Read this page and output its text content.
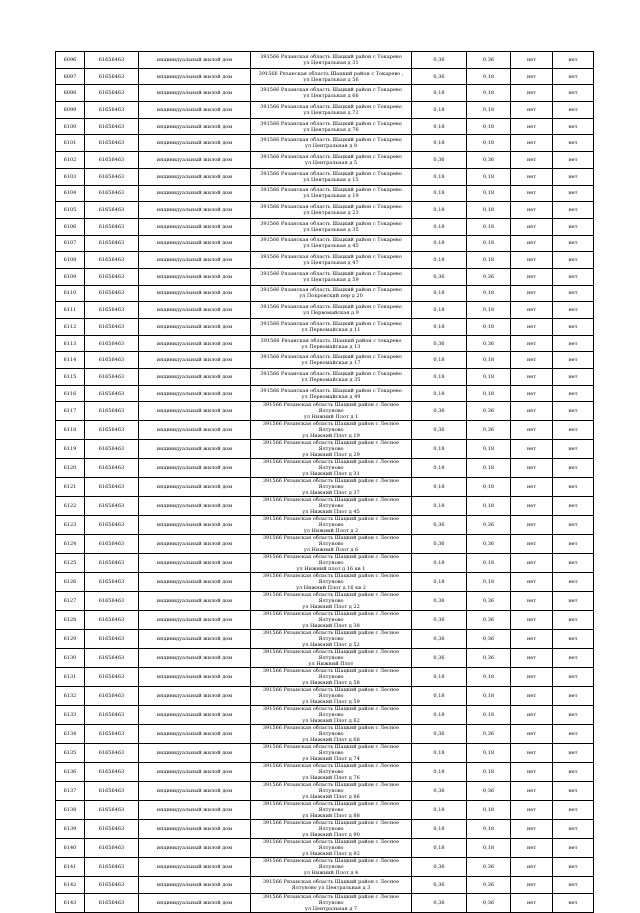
6096	61656463	индивидуальный жилой дом	391566 Рязанская область Шацкий район с Токарево
ул Центральная д 31	0,36	0,36	нет	нет
6097	61656463	индивидуальный жилой дом	391566 Рязанская область Шацкий район с Токарево ,
ул Центральная д 56	0,36	0,18	нет	нет
6098	61656463	индивидуальный жилой дом	391566 Рязанская область Шацкий район с Токарево
ул Центральная д 66	0,18	0,18	нет	нет
6099	61656463	индивидуальный жилой дом	391566 Рязанская область Шацкий район с Токарево
ул Центральная д 72	0,18	0,18	нет	нет
6100	61656463	индивидуальный жилой дом	391566 Рязанская область Шацкий район с Токарево
ул Центральная д 76	0,18	0,18	нет	нет
6101	61656463	индивидуальный жилой дом	391566 Рязанская область Шацкий район с Токарево
ул Центральная д 8	0,18	0,18	нет	нет
6102	61656463	индивидуальный жилой дом	391566 Рязанская область Шацкий район с Токарево
ул Центральная д 5	0,36	0,36	нет	нет
6103	61656463	индивидуальный жилой дом	391566 Рязанская область Шацкий район с Токарево
ул Центральная д 15	0,18	0,18	нет	нет
6104	61656463	индивидуальный жилой дом	391566 Рязанская область Шацкий район с Токарево
ул Центральная д 19	0,18	0,18	нет	нет
6105	61656463	индивидуальный жилой дом	391566 Рязанская область Шацкий район с Токарево
ул Центральная д 23	0,18	0,18	нет	нет
6106	61656463	индивидуальный жилой дом	391566 Рязанская область Шацкий район с Токарево
ул Центральная д 35	0,18	0,18	нет	нет
6107	61656463	индивидуальный жилой дом	391566 Рязанская область Шацкий район с Токарево
ул Центральная д 45	0,18	0,18	нет	нет
6108	61656463	индивидуальный жилой дом	391566 Рязанская область Шацкий район с Токарево
ул Центральная д 47	0,18	0,18	нет	нет
6109	61656463	индивидуальный жилой дом	391566 Рязанская область Шацкий район с Токарево
ул Центральная д 59	0,36	0,36	нет	нет
6110	61656463	индивидуальный жилой дом	391566 Рязанская область Шацкий район с Токарево
ул Покровский пер д 20	0,18	0,18	нет	нет
6111	61656463	индивидуальный жилой дом	391566 Рязанская область Шацкий район с Токарево
ул Первомайская д 9	0,18	0,18	нет	нет
6112	61656463	индивидуальный жилой дом	391566 Рязанская область Шацкий район с Токарево
ул Первомайская д 11	0,18	0,18	нет	нет
6113	61656463	индивидуальный жилой дом	391566 Рязанская область Шацкий район с токарево
ул Первомайская д 13	0,36	0,36	нет	нет
6114	61656463	индивидуальный жилой дом	391566 Рязанская область Шацкий район с Токарево
ул Первомайская д 17	0,18	0,18	нет	нет
6115	61656463	индивидуальный жилой дом	391566 Рязанская область Шацкий район с Токарево
ул Первомайская д 35	0,18	0,18	нет	нет
6116	61656463	индивидуальный жилой дом	391566 Рязанская область Шацкий район с Токарево
ул Первомайская д 49	0,18	0,18	нет	нет
6117	61656463	индивидуальный жилой дом	391566 Рязанская область Шацкий район с Лесное Ялтуново
ул Нижний Плот д 1	0,36	0,36	нет	нет
6118	61656463	индивидуальный жилой дом	391566 Рязанская область Шацкий район с Лесное Ялтуново
ул Нижний Плот д 19	0,36	0,36	нет	нет
6119	61656463	индивидуальный жилой дом	391566 Рязанская область Шацкий район с Лесное Ялтуново
ул Нижний Плот д 29	0,18	0,18	нет	нет
6120	61656463	индивидуальный жилой дом	391566 Рязанская область Шацкий район с Лесное Ялтуново
ул Нижний Плот д 31	0,18	0,18	нет	нет
6121	61656463	индивидуальный жилой дом	391566 Рязанская область Шацкий район с Лесное Ялтуново
ул Нижний Плот д 37	0,18	0,18	нет	нет
6122	61656463	индивидуальный жилой дом	391566 Рязанская область Шацкий район с Лесное Ялтуново
ул Нижний Плот д 45	0,18	0,18	нет	нет
6123	61656463	индивидуальный жилой дом	391566 Рязанская область Шацкий район с Лесное Ялтуново
ул Нижний Плот д 2	0,36	0,36	нет	нет
6124	61656463	индивидуальный жилой дом	391566 Рязанская область Шацкий район с Лесное Ялтуново
ул Нижний Плот д 6	0,36	0,36	нет	нет
6125	61656463	индивидуальный жилой дом	391566 Рязанская область Шацкий район с Лесное Ялтуново
ул Нижний плот д 16 кв 1	0,18	0,18	нет	нет
6126	61656463	индивидуальный жилой дом	391566 Рязанская область Шацкий район с Лесное Ялтуново
ул Нижний Плот д 16 кв 2	0,18	0,18	нет	нет
6127	61656463	индивидуальный жилой дом	391566 Рязанская область Шацкий район с Лесное Ялтуново
ул Нижний Плот д 22	0,36	0,36	нет	нет
6128	61656463	индивидуальный жилой дом	391566 Рязанская область Шацкий район с Лесное Ялтуново
ул Нижний Плот д 38	0,36	0,36	нет	нет
6129	61656463	индивидуальный жилой дом	391566 Рязанская область Шацкий район с Лесное Ялтуново
ул Нижний Плот д 52	0,36	0,36	нет	нет
6130	61656463	индивидуальный жилой дом	391566 Рязанская область Шацкий район с Лесное Ялтуново
ул Нижний Плот	0,36	0,36	нет	нет
6131	61656463	индивидуальный жилой дом	391566 Рязанская область Шацкий район с Лесное Ялтуново
ул Нижний Плот д 58	0,18	0,18	нет	нет
6132	61656463	индивидуальный жилой дом	391566 Рязанская область Шацкий район с Лесное Ялтуново
ул Нижний Плот д 59	0,18	0,18	нет	нет
6133	61656463	индивидуальный жилой дом	391566 Рязанская область Шацкий район с Лесное Ялтуново
ул Нижний Плот д 62	0,18	0,18	нет	нет
6134	61656463	индивидуальный жилой дом	391566 Рязанская область Шацкий район с Лесное Ялтуново
ул Нижний Плот д 68	0,36	0,36	нет	нет
6135	61656463	индивидуальный жилой дом	391566 Рязанская область Шацкий район с Лесное Ялтуново
ул Нижний Плот д 74	0,18	0,18	нет	нет
6136	61656463	индивидуальный жилой дом	391566 Рязанская область Шацкий район с Лесное Ялтуново
ул Нижний Плот д 76	0,18	0,18	нет	нет
6137	61656463	индивидуальный жилой дом	391566 Рязанская область Шацкий район с Лесное Ялтуново
ул Нижний Плот д 86	0,36	0,36	нет	нет
6138	61656463	индивидуальный жилой дом	391566 Рязанская область Шацкий район с Лесное Ялтуново
ул Нижний Плот д 88	0,18	0,18	нет	нет
6139	61656463	индивидуальный жилой дом	391566 Рязанская область Шацкий район с Лесное Ялтуново
ул Нижний Плот д 90	0,18	0,18	нет	нет
6140	61656463	индивидуальный жилой дом	391566 Рязанская область Шацкий район с Лесное Ялтуново
ул Нижний Плот д 92	0,18	0,18	нет	нет
6141	61656463	индивидуальный жилой дом	391566 Рязанская область Шацкий район с Лесное Ялтуново
ул Нижний Плот д 4	0,36	0,36	нет	нет
6142	61656463	индивидуальный жилой дом	391566 Рязанская область Шацкий район с Лесное
Ялтуново ул Центральная д 3	0,36	0,36	нет	нет
6143	61656463	индивидуальный жилой дом	391566 Рязанская область Шацкий район с Лесное Ялтуново
ул Центральная д 7	0,36	0,36	нет	нет
